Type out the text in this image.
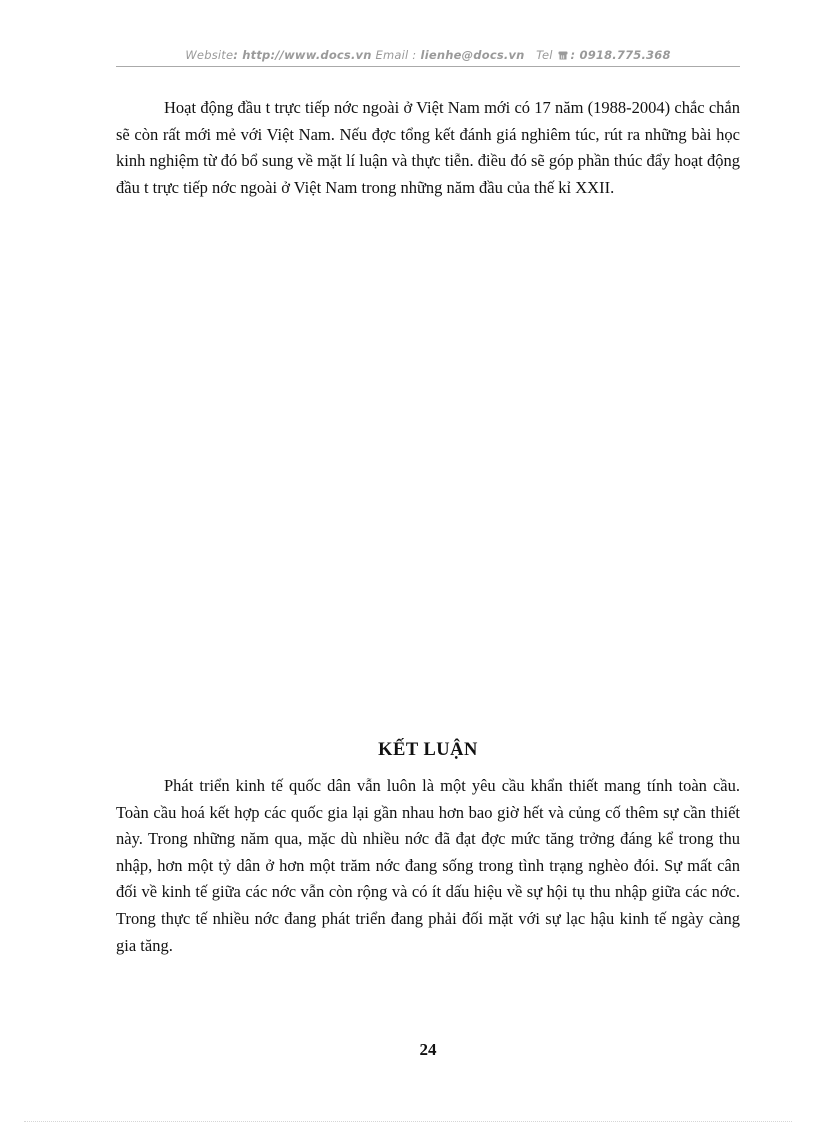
Website: http://www.docs.vn Email : lienhe@docs.vn Tel : 0918.775.368

Hoạt động đầu t trực tiếp nớc ngoài ở Việt Nam mới có 17 năm (1988-2004) chắc chắn sẽ còn rất mới mẻ với Việt Nam. Nếu đợc tổng kết đánh giá nghiêm túc, rút ra những bài học kinh nghiệm từ đó bổ sung về mặt lí luận và thực tiễn. điều đó sẽ góp phần thúc đẩy hoạt động đầu t trực tiếp nớc ngoài ở Việt Nam trong những năm đầu của thế kỉ XXII.

KẾT LUẬN

Phát triển kinh tế quốc dân vẫn luôn là một yêu cầu khẩn thiết mang tính toàn cầu. Toàn cầu hoá kết hợp các quốc gia lại gần nhau hơn bao giờ hết và củng cố thêm sự cần thiết này. Trong những năm qua, mặc dù nhiều nớc đã đạt đợc mức tăng trởng đáng kể trong thu nhập, hơn một tỷ dân ở hơn một trăm nớc đang sống trong tình trạng nghèo đói. Sự mất cân đối về kinh tế giữa các nớc vẫn còn rộng và có ít dấu hiệu về sự hội tụ thu nhập giữa các nớc. Trong thực tế nhiều nớc đang phát triển đang phải đối mặt với sự lạc hậu kinh tế ngày càng gia tăng.

24
